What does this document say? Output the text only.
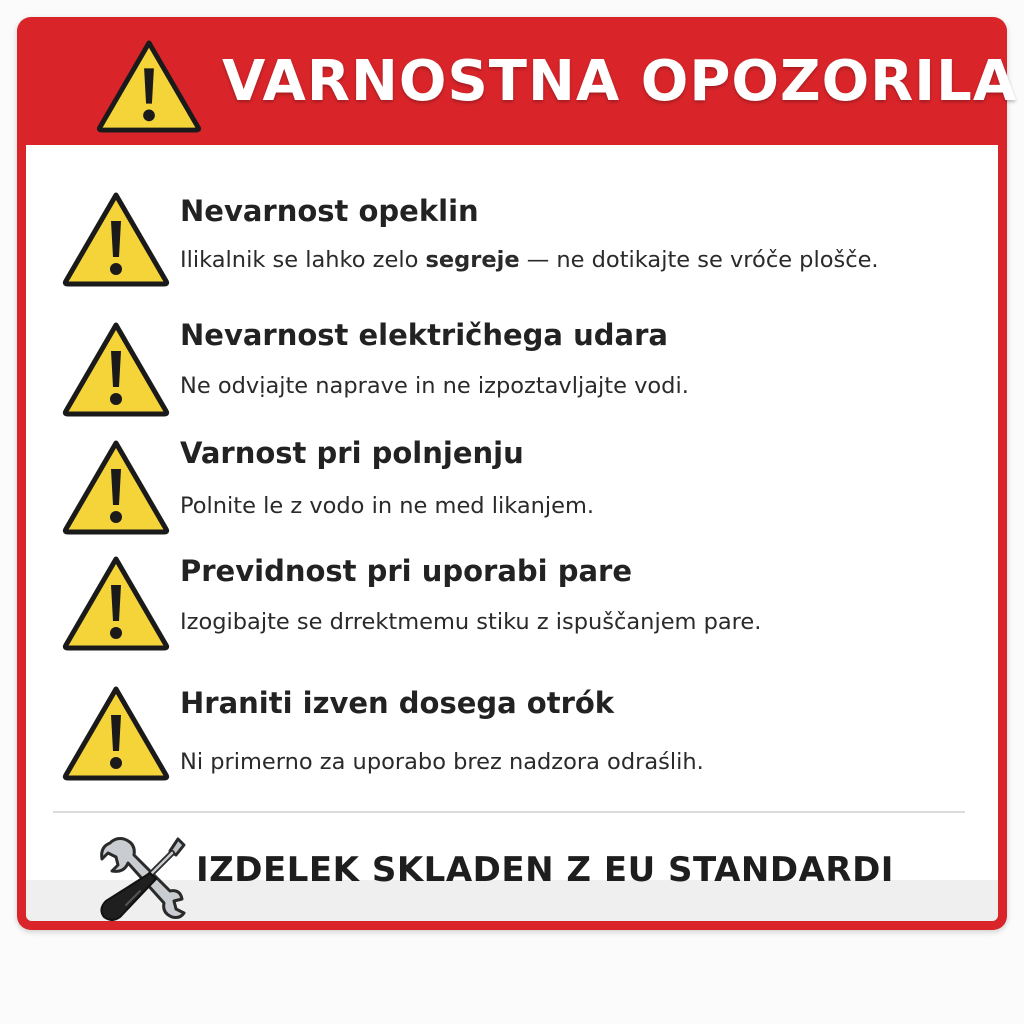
VARNOSTNA OPOZORILA
Nevarnost opeklin
Ilikalnik se lahko zelo segreje — ne dotikajte se vróče plošče.
Nevarnost električhega udara
Ne odvịajte naprave in ne izpoztavljajte vodi.
Varnost pri polnjenju
Polnite le z vodo in ne med likanjem.
Previdnost pri uporabi pare
Izogibajte se drrektmemu stiku z ispuščanjem pare.
Hraniti izven dosega otrók
Ni primerno za uporabo brez nadzora odraślih.
IZDELEK SKLADEN Z EU STANDARDI
